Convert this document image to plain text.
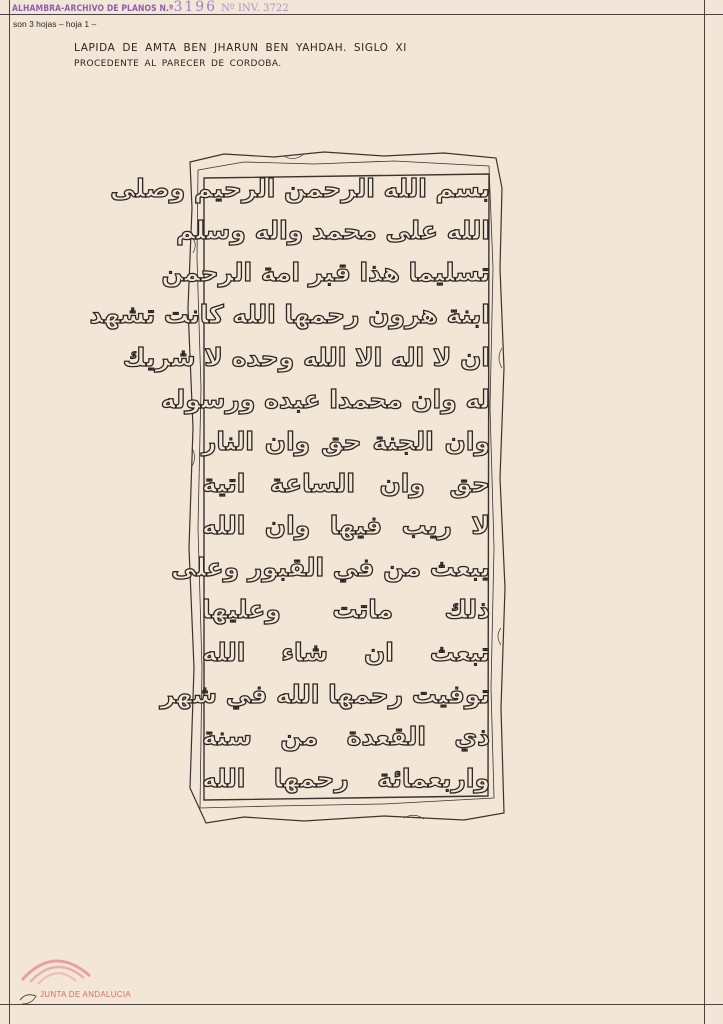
ALHAMBRA-ARCHIVO DE PLANOS N.º3196 Nº INV. 3722
son 3 hojas – hoja 1 –
LAPIDA DE AMTA BEN JHARUN BEN YAHDAH. SIGLO XI
PROCEDENTE AL PARECER DE CORDOBA.
بسم الله الرحمن الرحيم وصلى
الله على محمد واله وسلم
تسليما هذا قبر امة الرحمن
ابنة هرون رحمها الله كانت تشهد
ان لا اله الا الله وحده لا شريك
له وان محمدا عبده ورسوله
وان الجنة حق وان النار
حق وان الساعة اتية
لا ريب فيها وان الله
يبعث من في القبور وعلى
ذلك ماتت وعليها
تبعث ان شاء الله
توفيت رحمها الله في شهر
ذي القعدة من سنة
واربعمائة رحمها الله
JUNTA DE ANDALUCIA
